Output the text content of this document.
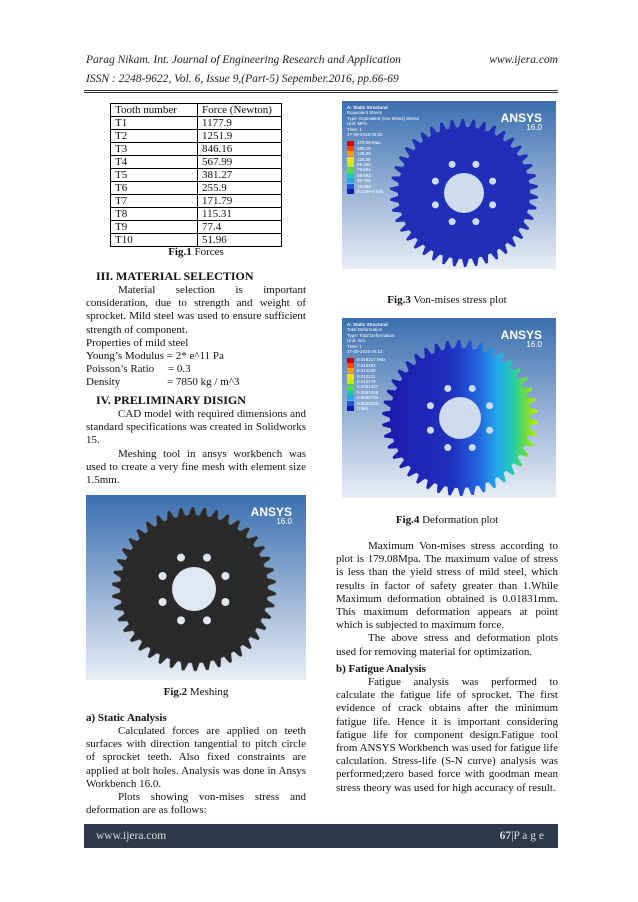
Parag Nikam. Int. Journal of Engineering Research and Application
ISSN : 2248-9622, Vol. 6, Issue 9,(Part-5) Sepember.2016, pp.66-69
www.ijera.com
Tooth number	Force (Newton)
T1	1177.9
T2	1251.9
T3	846.16
T4	567.99
T5	381.27
T6	255.9
T7	171.79
T8	115.31
T9	77.4
T10	51.96
Fig.1 Forces
III. MATERIAL SELECTION

Material selection is important consideration, due to strength and weight of sprocket. Mild steel was used to ensure sufficient strength of component.

Properties of mild steel

Young’s Modulus = 2* e^11 Pa

Poisson’s Ratio     = 0.3

Density                 = 7850 kg / m^3

IV. PRELIMINARY DISIGN

CAD model with required dimensions and standard specifications was created in Solidworks 15.

Meshing tool in ansys workbench was used to create a very fine mesh with element size 1.5mm.

ANSYS
16.0
Fig.2 Meshing
a) Static Analysis

Calculated forces are applied on teeth surfaces with direction tangential to pitch circle of sprocket teeth. Also fixed constraints are applied at bolt holes. Analysis was done in Ansys Workbench 16.0.

Plots showing von-mises stress and deformation are as follows:

ANSYS
16.0
A: Static Structural
Equivalent Stress
Type: Equivalent (von-Mises) Stress
Unit: MPa
Time: 1
27-09-2016 00:22
179.08 Max
159.18
139.28
119.39
99.488
79.591
59.693
39.795
19.898
9.148e-6 Min
Fig.3 Von-mises stress plot
ANSYS
16.0
A: Static Structural
Total Deformation
Type: Total Deformation
Unit: mm
Time: 1
27-09-2016 00:12
0.018317 Max
0.016281
0.014246
0.012211
0.010176
0.0081407
0.0061055
0.0040704
0.0020352
0 Min
Fig.4 Deformation plot

Maximum Von-mises stress according to plot is 179.08Mpa. The maximum value of stress is less than the yield stress of mild steel, which results in factor of safety greater than 1.While Maximum deformation obtained is 0.01831mm. This maximum deformation appears at point which is subjected to maximum force.

The above stress and deformation plots used for removing material for optimization.

b) Fatigue Analysis

Fatigue analysis was performed to calculate the fatigue life of sprocket. The first evidence of crack obtains after the minimum fatigue life. Hence it is important considering fatigue life for component design.Fatigue tool from ANSYS Workbench was used for fatigue life calculation. Stress-life (S-N curve) analysis was performed;zero based force with goodman mean stress theory was used for high accuracy of result.

www.ijera.com	67|P a g e
